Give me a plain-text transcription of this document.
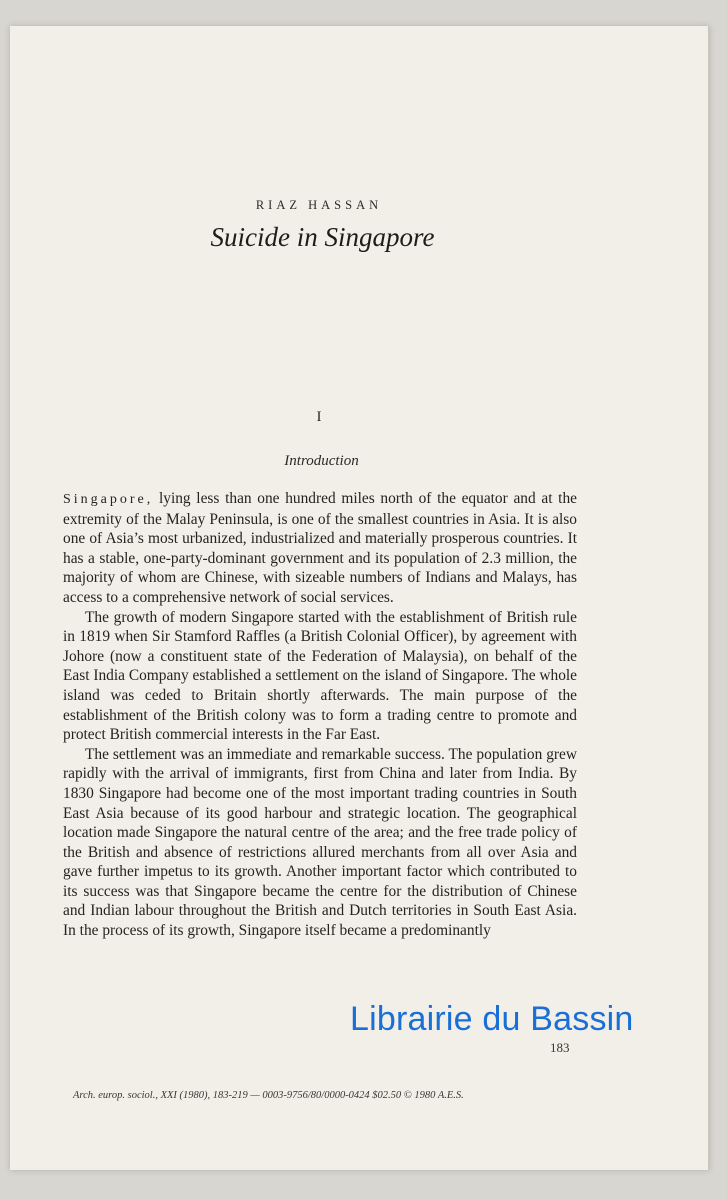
RIAZ HASSAN
Suicide in Singapore
I
Introduction

Singapore, lying less than one hundred miles north of the equator and at the extremity of the Malay Peninsula, is one of the smallest countries in Asia. It is also one of Asia’s most urbanized, industrialized and materially prosperous countries. It has a stable, one-party-dominant government and its population of 2.3 million, the majority of whom are Chinese, with sizeable numbers of Indians and Malays, has access to a comprehensive network of social services.

The growth of modern Singapore started with the establishment of British rule in 1819 when Sir Stamford Raffles (a British Colonial Officer), by agreement with Johore (now a constituent state of the Federation of Malaysia), on behalf of the East India Company established a settlement on the island of Singapore. The whole island was ceded to Britain shortly afterwards. The main purpose of the establishment of the British colony was to form a trading centre to promote and protect British commercial interests in the Far East.

The settlement was an immediate and remarkable success. The population grew rapidly with the arrival of immigrants, first from China and later from India. By 1830 Singapore had become one of the most important trading countries in South East Asia because of its good harbour and strategic location. The geographical location made Singapore the natural centre of the area; and the free trade policy of the British and absence of restrictions allured merchants from all over Asia and gave further impetus to its growth. Another important factor which contributed to its success was that Singapore became the centre for the distribution of Chinese and Indian labour throughout the British and Dutch territories in South East Asia. In the process of its growth, Singapore itself became a predominantly

183
Arch. europ. sociol., XXI (1980), 183-219 — 0003-9756/80/0000-0424 $02.50 © 1980 A.E.S.
Librairie du Bassin
